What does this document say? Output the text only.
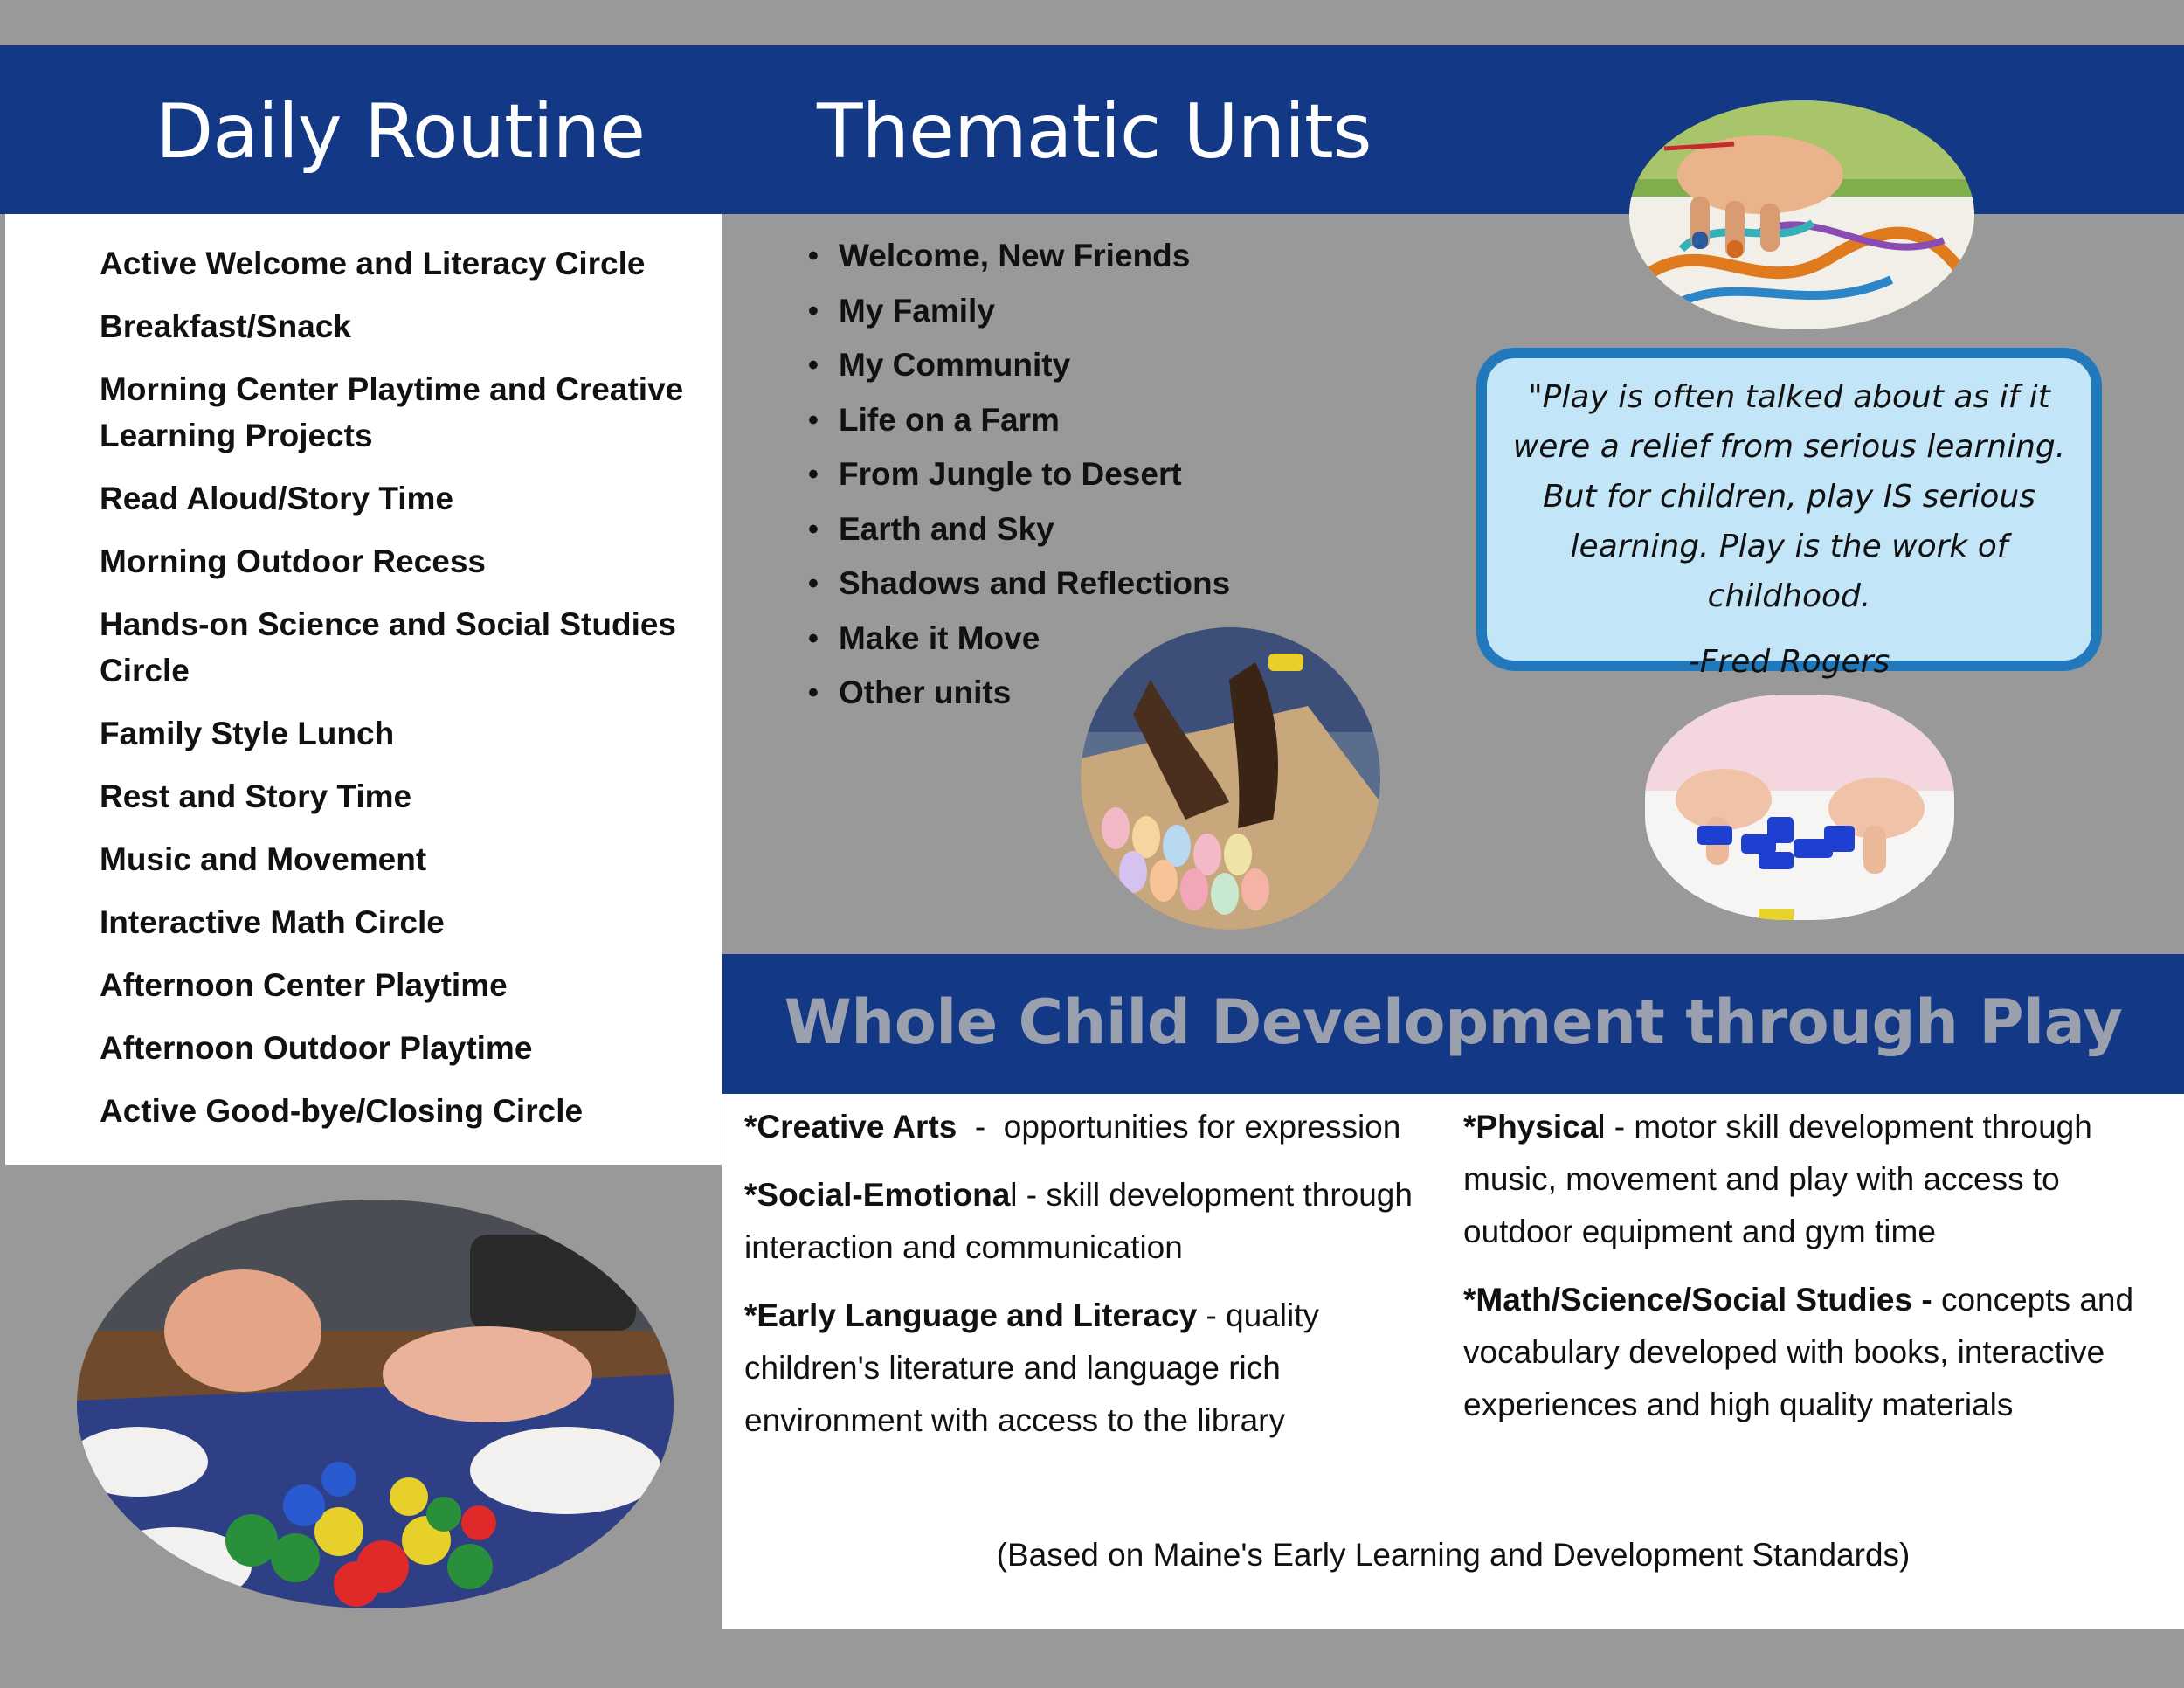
Daily Routine Thematic Units
Active Welcome and Literacy Circle
Breakfast/Snack
Morning Center Playtime and Creative Learning Projects
Read Aloud/Story Time
Morning Outdoor Recess
Hands-on Science and Social Studies Circle
Family Style Lunch
Rest and Story Time
Music and Movement
Interactive Math Circle
Afternoon Center Playtime
Afternoon Outdoor Playtime
Active Good-bye/Closing Circle
• Welcome, New Friends
• My Family
• My Community
• Life on a Farm
• From Jungle to Desert
• Earth and Sky
• Shadows and Reflections
• Make it Move
• Other units

"Play is often talked about as if it were a relief from serious learning. But for children, play IS serious learning. Play is the work of childhood.

-Fred Rogers

Whole Child Development through Play

*Creative Arts  -  opportunities for expression

*Social-Emotional - skill development through interaction and communication

*Early Language and Literacy - quality children's literature and language rich environment with access to the library

*Physical - motor skill development through music, movement and play with access to outdoor equipment and gym time

*Math/Science/Social Studies - concepts and vocabulary developed with books, interactive experiences and high quality materials

(Based on Maine's Early Learning and Development Standards)
